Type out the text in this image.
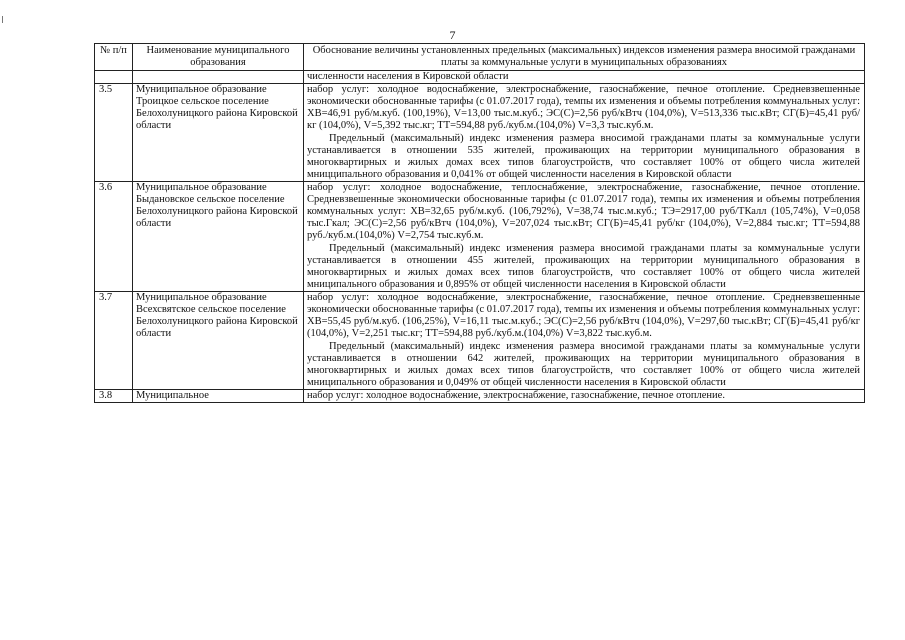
7
№ п/п	Наименование муниципального образования	Обоснование величины установленных предельных (максимальных) индексов изменения размера вносимой гражданами платы за коммунальные услуги в муниципальных образованиях
		численности населения в Кировской области
3.5	Муниципальное образование Троицкое сельское поселение Белохолуницкого района Кировской области	набор услуг: холодное водоснабжение, электроснабжение, газоснабжение, печное отопление. Средневзвешенные экономически обоснованные тарифы (с 01.07.2017 года), темпы их изменения и объемы потребления коммунальных услуг: ХВ=46,91 руб/м.куб. (100,19%), V=13,00 тыс.м.куб.; ЭС(С)=2,56 руб/кВтч (104,0%), V=513,336 тыс.кВт; СГ(Б)=45,41 руб/кг (104,0%), V=5,392 тыс.кг; ТТ=594,88 руб./куб.м.(104,0%) V=3,3 тыс.куб.м.
Предельный (максимальный) индекс изменения размера вносимой гражданами платы за коммунальные услуги устанавливается в отношении 535 жителей, проживающих на территории муниципального образования в многоквартирных и жилых домах всех типов благоустройств, что составляет 100% от общего числа жителей мницципального образования и 0,041% от общей численности населения в Кировской области

3.6	Муниципальное образование Быдановское сельское поселение Белохолуницкого района Кировской области	набор услуг: холодное водоснабжение, теплоснабжение, электроснабжение, газоснабжение, печное отопление. Средневзвешенные экономически обоснованные тарифы (с 01.07.2017 года), темпы их изменения и объемы потребления коммунальных услуг: ХВ=32,65 руб/м.куб. (106,792%), V=38,74 тыс.м.куб.; ТЭ=2917,00 руб/ТКалл (105,74%), V=0,058 тыс.Гкал; ЭС(С)=2,56 руб/кВтч (104,0%), V=207,024 тыс.кВт; СГ(Б)=45,41 руб/кг (104,0%), V=2,884 тыс.кг; ТТ=594,88 руб./куб.м.(104,0%) V=2,754 тыс.куб.м.
Предельный (максимальный) индекс изменения размера вносимой гражданами платы за коммунальные услуги устанавливается в отношении 455 жителей, проживающих на территории муниципального образования в многоквартирных и жилых домах всех типов благоустройств, что составляет 100% от общего числа жителей мниципального образования и 0,895% от общей численности населения в Кировской области

3.7	Муниципальное образование Всехсвятское сельское поселение Белохолуницкого района Кировской области	набор услуг: холодное водоснабжение, электроснабжение, газоснабжение, печное отопление. Средневзвешенные экономически обоснованные тарифы (с 01.07.2017 года), темпы их изменения и объемы потребления коммунальных услуг: ХВ=55,45 руб/м.куб. (106,25%), V=16,11 тыс.м.куб.; ЭС(С)=2,56 руб/кВтч (104,0%), V=297,60 тыс.кВт; СГ(Б)=45,41 руб/кг (104,0%), V=2,251 тыс.кг; ТТ=594,88 руб./куб.м.(104,0%) V=3,822 тыс.куб.м.
Предельный (максимальный) индекс изменения размера вносимой гражданами платы за коммунальные услуги устанавливается в отношении 642 жителей, проживающих на территории муниципального образования в многоквартирных и жилых домах всех типов благоустройств, что составляет 100% от общего числа жителей мниципального образования и 0,049% от общей численности населения в Кировской области

3.8	Муниципальное	набор услуг: холодное водоснабжение, электроснабжение, газоснабжение, печное отопление.
